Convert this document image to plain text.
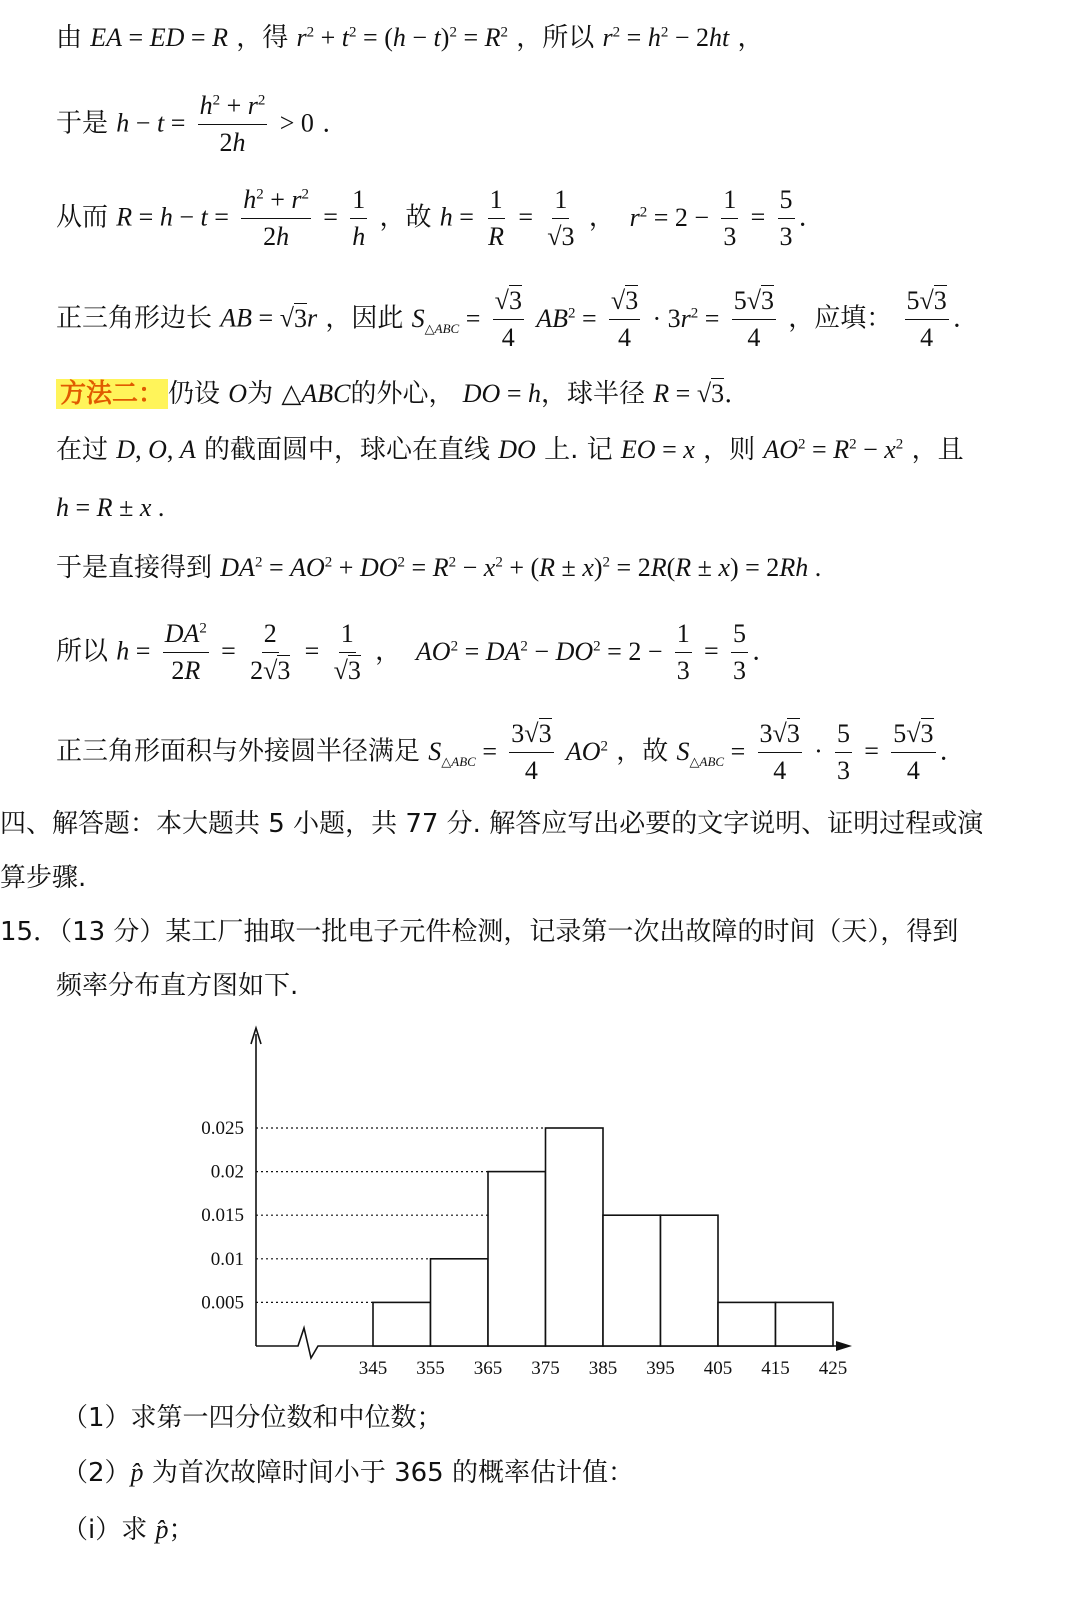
由 EA = ED = R ，得 $r^2 + t^2 = (h - t)^2 = R^2$ ，所以 $r^2 = h^2 - 2ht$ ，
于是 $h - t = \frac{h^2 + r^2}{2h} > 0$ .
从而 $R = h - t = \frac{h^2 + r^2}{2h} = \frac{1}{h}$ ，故 $h = \frac{1}{R} = \frac{1}{√3}$ ， $r^2 = 2 - \frac{1}{3} = \frac{5}{3}$ .
正三角形边长 AB = √3r ，因此 $S_{\triangle ABC} = \frac{√3}{4} AB^2 = \frac{√3}{4} \cdot 3r^2 = \frac{5√3}{4}$ ，应填： $\frac{5√3}{4}$ .
方法二： 仍设 O为 △ABC的外心， DO = h，球半径 R = √3.
在过 D, O, A 的截面圆中，球心在直线 DO 上. 记 EO = x ，则 $AO^2 = R^2 - x^2$ ，且
h = R ± x .
于是直接得到 $DA^2 = AO^2 + DO^2 = R^2 - x^2 + (R \pm x)^2 = 2R(R \pm x) = 2Rh$ .
所以 $h = \frac{DA^2}{2R} = \frac{2}{2√3} = \frac{1}{√3}$ ， $AO^2 = DA^2 - DO^2 = 2 - \frac{1}{3} = \frac{5}{3}$ .
正三角形面积与外接圆半径满足 $S_{\triangle ABC} = \frac{3√3}{4} AO^2$ ，故 $S_{\triangle ABC} = \frac{3√3}{4} \cdot \frac{5}{3} = \frac{5√3}{4}$ .
四、解答题：本大题共 5 小题，共 77 分. 解答应写出必要的文字说明、证明过程或演
算步骤.
15．（13 分）某工厂抽取一批电子元件检测，记录第一次出故障的时间（天），得到
频率分布直方图如下.
0.025
0.02
0.015
0.01
0.005
345 355 365 375 385 395 405 415 425
（1）求第一四分位数和中位数；
（2）p̂ 为首次故障时间小于 365 的概率估计值：
（i）求 p̂；
